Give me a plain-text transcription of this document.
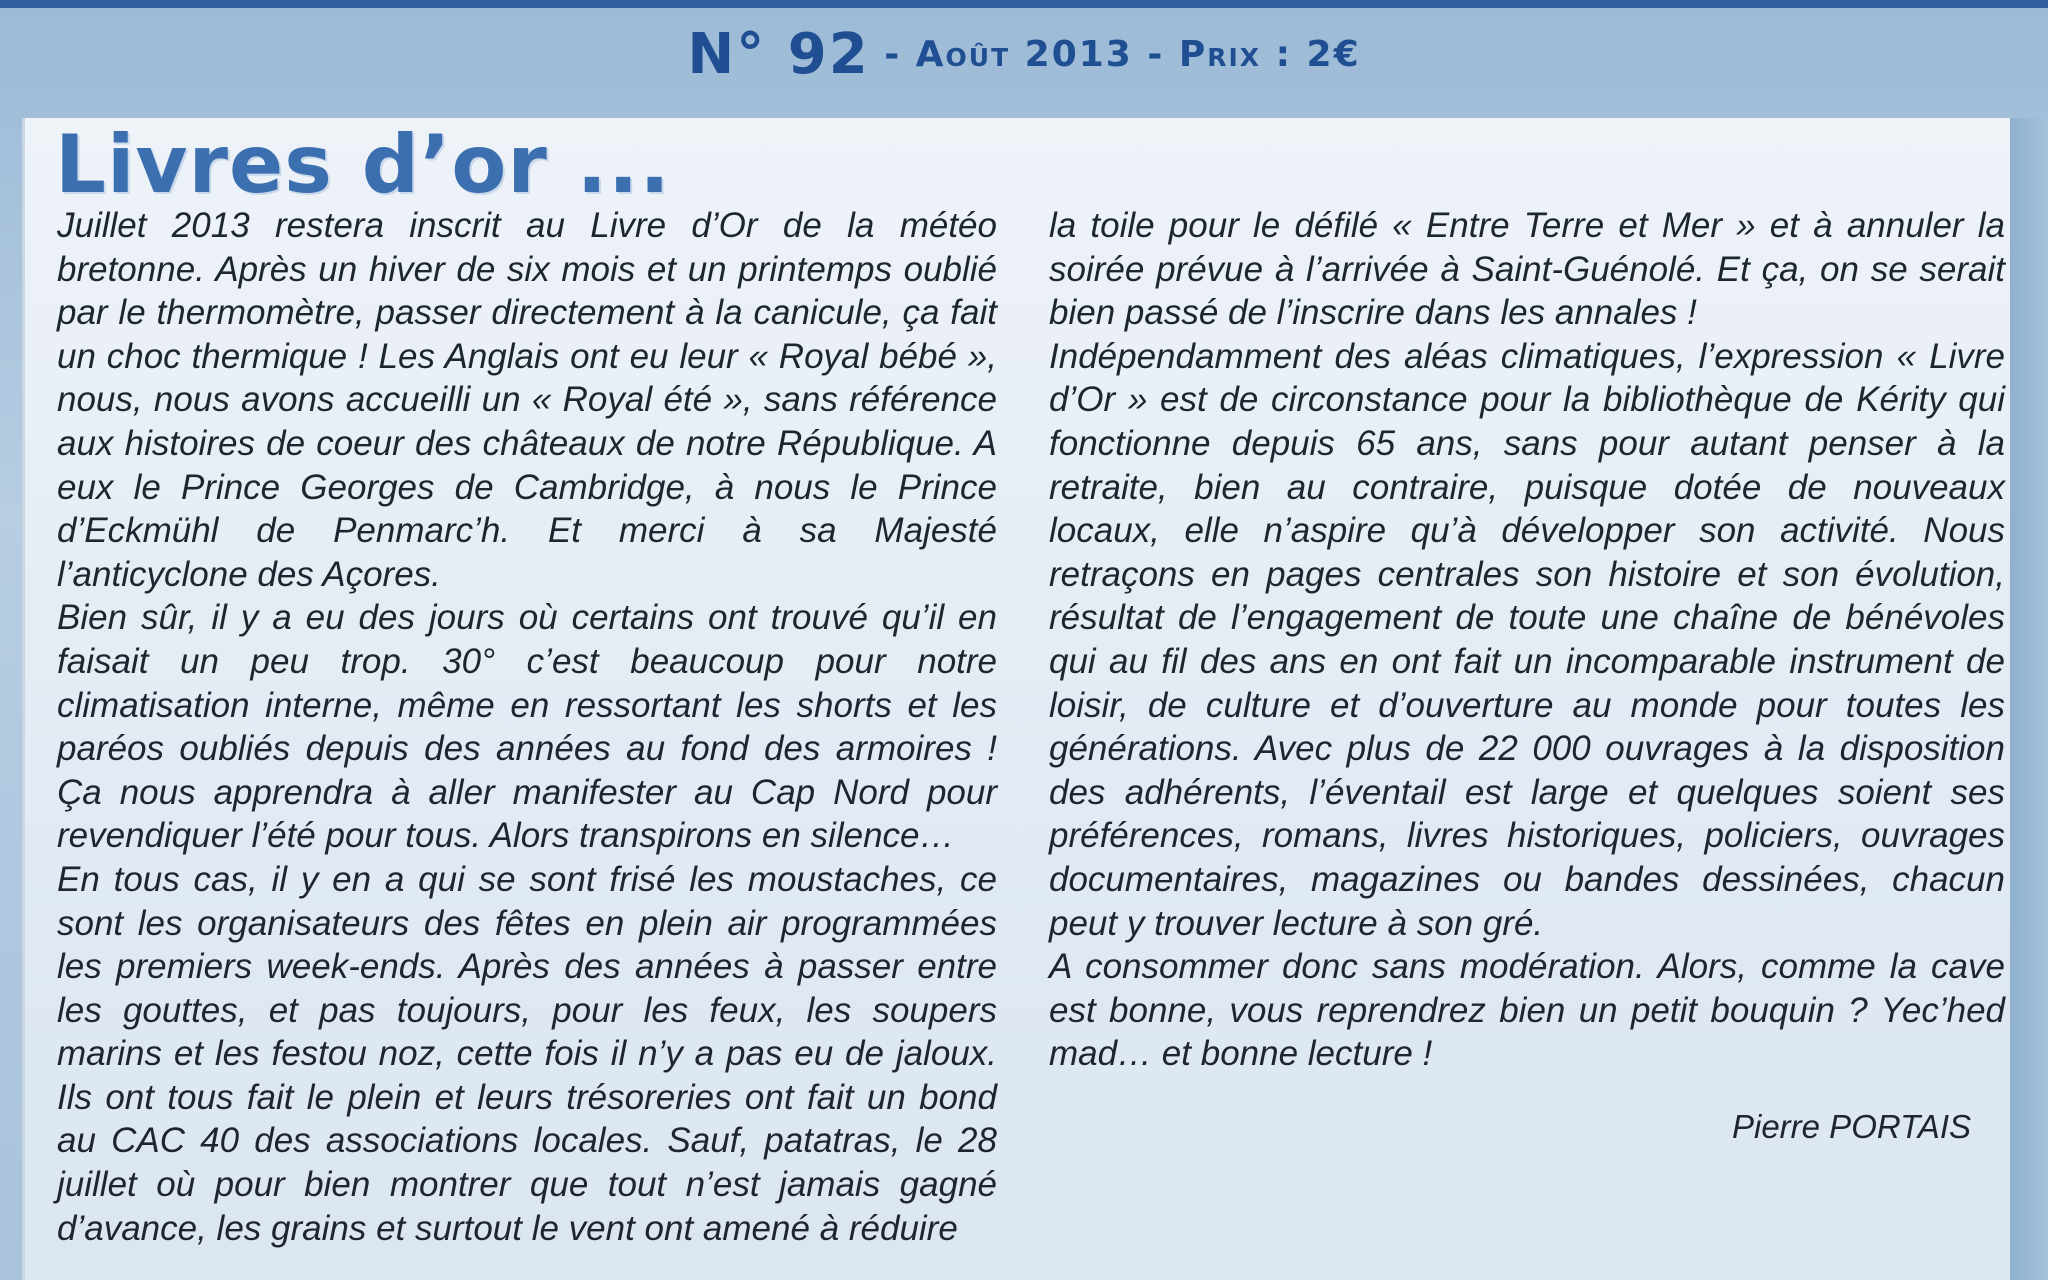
N° 92 - Août 2013 - Prix : 2€
Livres d’or ...

Juillet 2013 restera inscrit au Livre d’Or de la météo bretonne. Après un hiver de six mois et un printemps oublié par le thermomètre, passer directement à la canicule, ça fait un choc thermique ! Les Anglais ont eu leur « Royal bébé », nous, nous avons accueilli un « Royal été », sans référence aux histoires de coeur des châteaux de notre République. A eux le Prince Georges de Cambridge, à nous le Prince d’Eckmühl de Penmarc’h. Et merci à sa Majesté l’anticyclone des Açores.

Bien sûr, il y a eu des jours où certains ont trouvé qu’il en faisait un peu trop. 30° c’est beaucoup pour notre climatisation interne, même en ressortant les shorts et les paréos oubliés depuis des années au fond des armoires ! Ça nous apprendra à aller manifester au Cap Nord pour revendiquer l’été pour tous. Alors transpirons en silence…

En tous cas, il y en a qui se sont frisé les moustaches, ce sont les organisateurs des fêtes en plein air programmées les premiers week-ends. Après des années à passer entre les gouttes, et pas toujours, pour les feux, les soupers marins et les festou noz, cette fois il n’y a pas eu de jaloux. Ils ont tous fait le plein et leurs trésoreries ont fait un bond au CAC 40 des associations locales. Sauf, patatras, le 28 juillet où pour bien montrer que tout n’est jamais gagné d’avance, les grains et surtout le vent ont amené à réduire

la toile pour le défilé « Entre Terre et Mer » et à annuler la soirée prévue à l’arrivée à Saint-Guénolé. Et ça, on se serait bien passé de l’inscrire dans les annales !

Indépendamment des aléas climatiques, l’expression « Livre d’Or » est de circonstance pour la bibliothèque de Kérity qui fonctionne depuis 65 ans, sans pour autant penser à la retraite, bien au contraire, puisque dotée de nouveaux locaux, elle n’aspire qu’à développer son activité. Nous retraçons en pages centrales son histoire et son évolution, résultat de l’engagement de toute une chaîne de bénévoles qui au fil des ans en ont fait un incomparable instrument de loisir, de culture et d’ouverture au monde pour toutes les générations. Avec plus de 22 000 ouvrages à la disposition des adhérents, l’éventail est large et quelques soient ses préférences, romans, livres historiques, policiers, ouvrages documentaires, magazines ou bandes dessinées, chacun peut y trouver lecture à son gré.

A consommer donc sans modération. Alors, comme la cave est bonne, vous reprendrez bien un petit bouquin ? Yec’hed mad… et bonne lecture !

Pierre PORTAIS
